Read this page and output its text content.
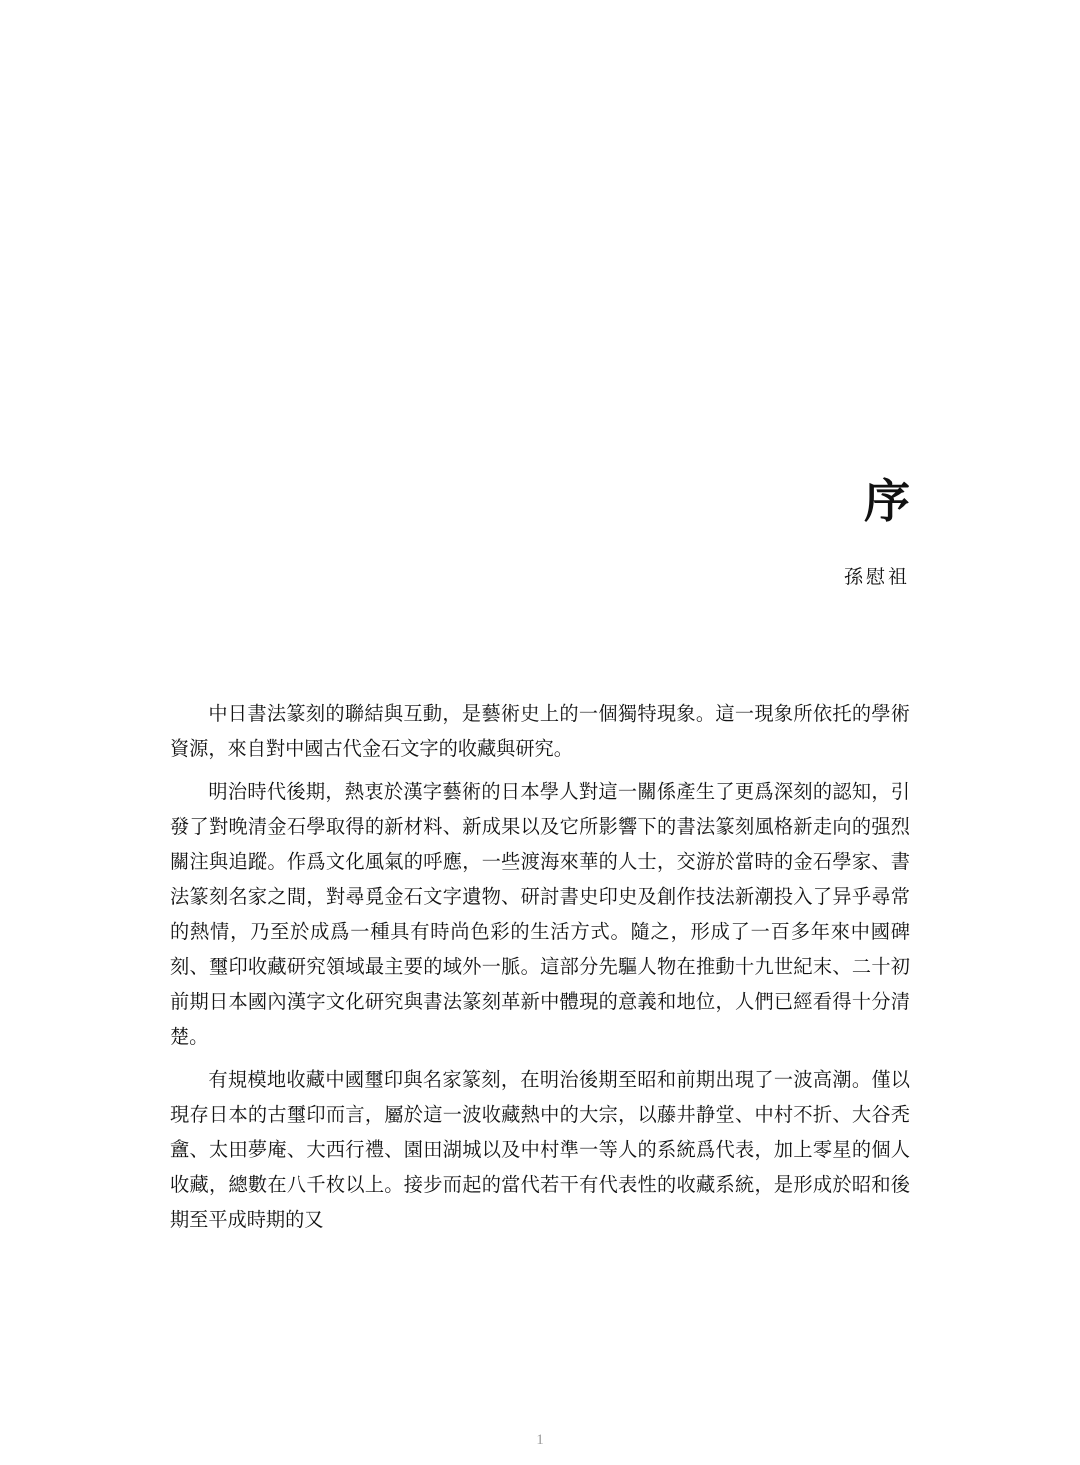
序
孫慰祖

中日書法篆刻的聯結與互動，是藝術史上的一個獨特現象。這一現象所依托的學術資源，來自對中國古代金石文字的收藏與研究。

明治時代後期，熱衷於漢字藝術的日本學人對這一關係產生了更爲深刻的認知，引發了對晚清金石學取得的新材料、新成果以及它所影響下的書法篆刻風格新走向的强烈關注與追蹤。作爲文化風氣的呼應，一些渡海來華的人士，交游於當時的金石學家、書法篆刻名家之間，對尋覓金石文字遺物、研討書史印史及創作技法新潮投入了异乎尋常的熱情，乃至於成爲一種具有時尚色彩的生活方式。隨之，形成了一百多年來中國碑刻、璽印收藏研究領域最主要的域外一脈。這部分先驅人物在推動十九世紀末、二十初前期日本國內漢字文化研究與書法篆刻革新中體現的意義和地位，人們已經看得十分清楚。

有規模地收藏中國璽印與名家篆刻，在明治後期至昭和前期出現了一波高潮。僅以現存日本的古璽印而言，屬於這一波收藏熱中的大宗，以藤井静堂、中村不折、大谷秃盦、太田夢庵、大西行禮、園田湖城以及中村準一等人的系統爲代表，加上零星的個人收藏，總數在八千枚以上。接步而起的當代若干有代表性的收藏系統，是形成於昭和後期至平成時期的又

1
